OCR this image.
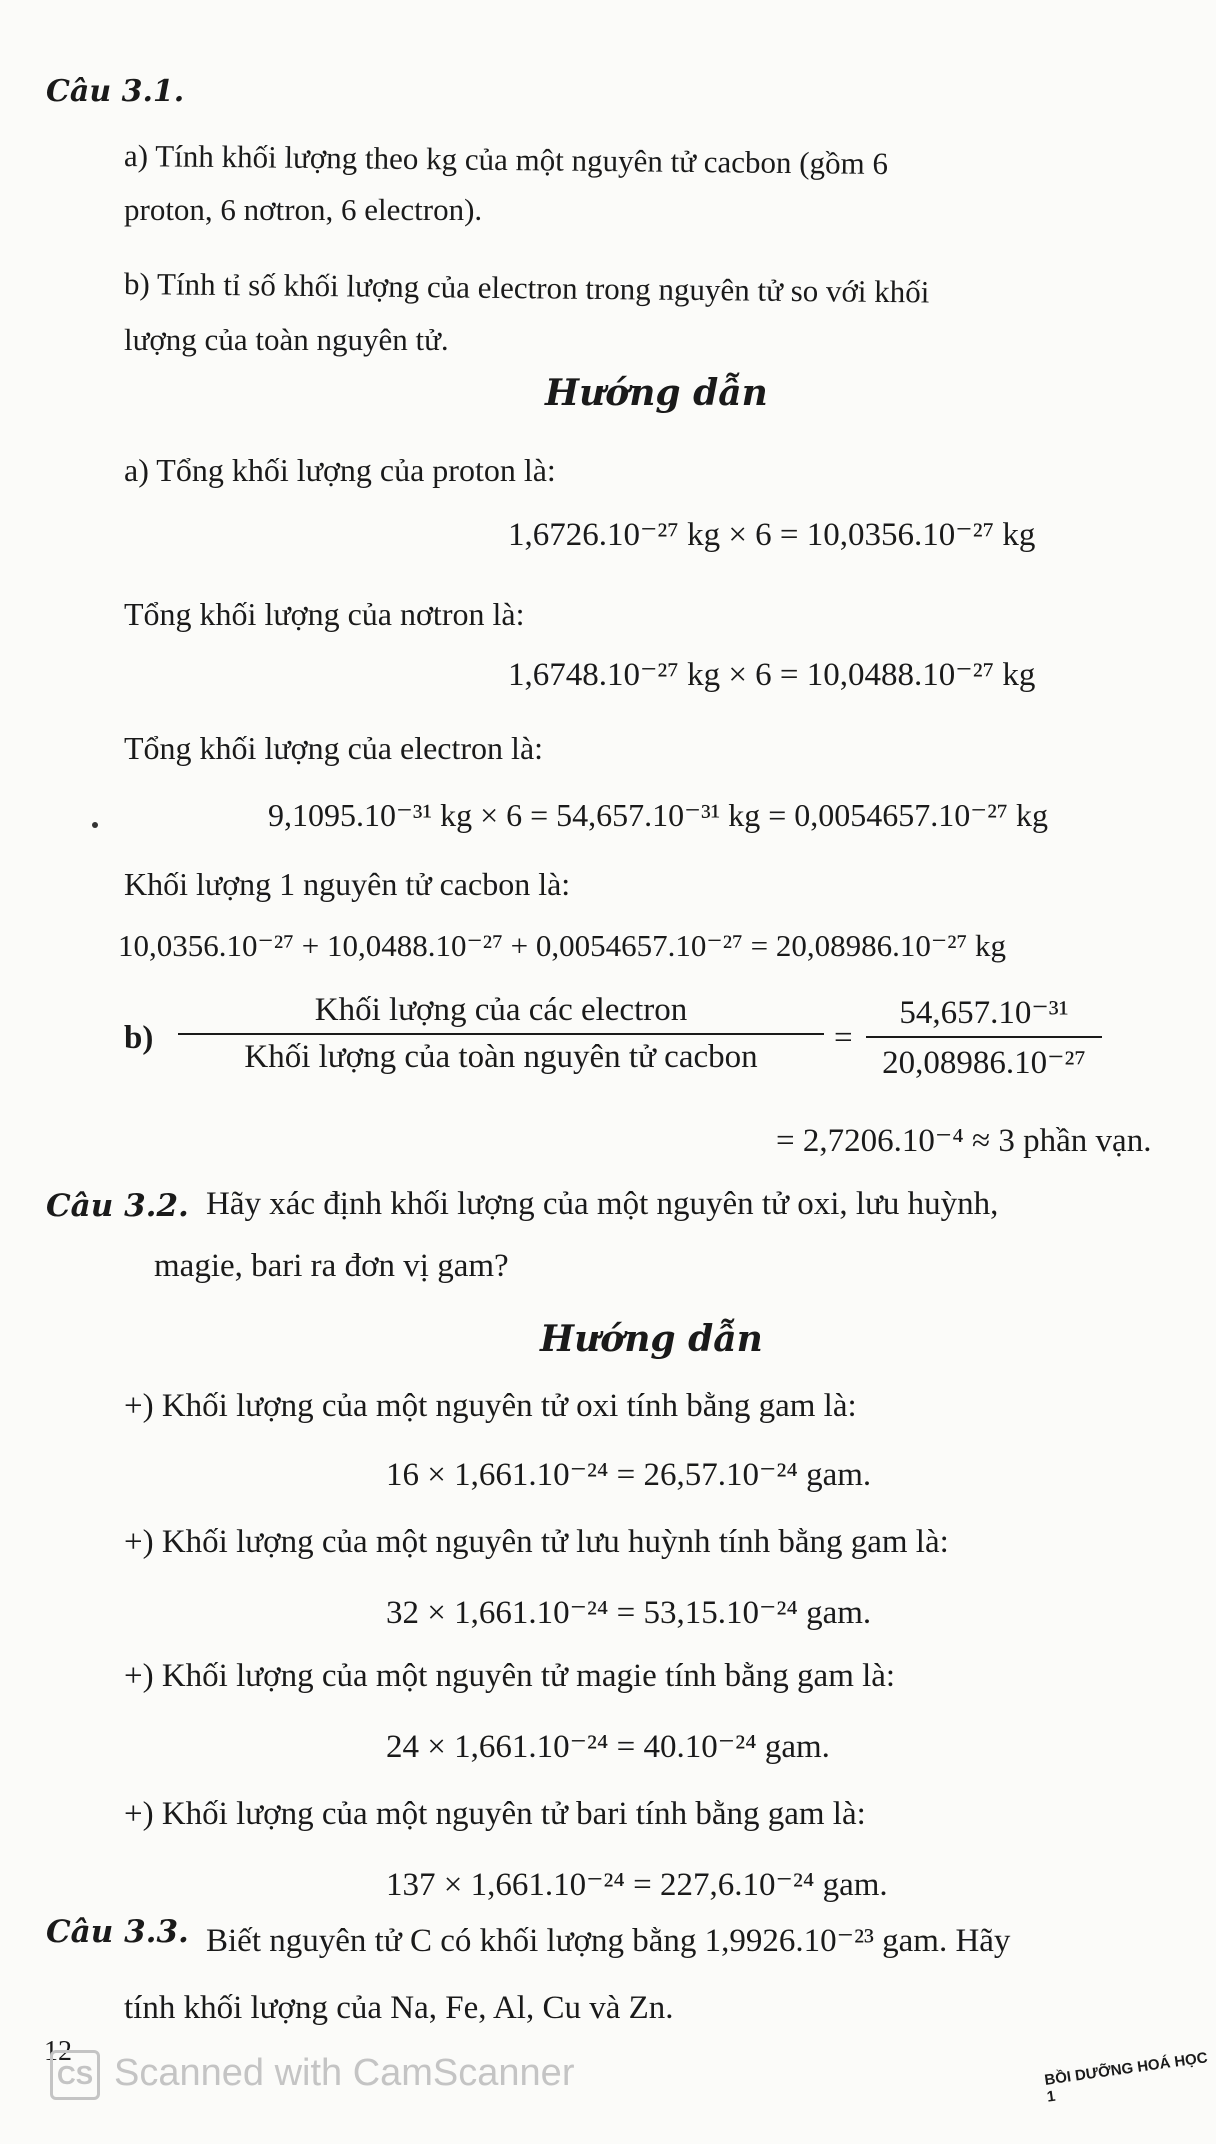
Câu 3.1.
a) Tính khối lượng theo kg của một nguyên tử cacbon (gồm 6
proton, 6 nơtron, 6 electron).
b) Tính tỉ số khối lượng của electron trong nguyên tử so với khối
lượng của toàn nguyên tử.
Hướng dẫn
a) Tổng khối lượng của proton là:
1,6726.10⁻²⁷ kg × 6 = 10,0356.10⁻²⁷ kg
Tổng khối lượng của nơtron là:
1,6748.10⁻²⁷ kg × 6 = 10,0488.10⁻²⁷ kg
Tổng khối lượng của electron là:
9,1095.10⁻³¹ kg × 6 = 54,657.10⁻³¹ kg = 0,0054657.10⁻²⁷ kg
Khối lượng 1 nguyên tử cacbon là:
10,0356.10⁻²⁷ + 10,0488.10⁻²⁷ + 0,0054657.10⁻²⁷ = 20,08986.10⁻²⁷ kg
b)
Khối lượng của các electron
Khối lượng của toàn nguyên tử cacbon
=
54,657.10⁻³¹
20,08986.10⁻²⁷
= 2,7206.10⁻⁴ ≈ 3 phần vạn.
Câu 3.2. Hãy xác định khối lượng của một nguyên tử oxi, lưu huỳnh,
magie, bari ra đơn vị gam?
Hướng dẫn
+) Khối lượng của một nguyên tử oxi tính bằng gam là:
16 × 1,661.10⁻²⁴ = 26,57.10⁻²⁴ gam.
+) Khối lượng của một nguyên tử lưu huỳnh tính bằng gam là:
32 × 1,661.10⁻²⁴ = 53,15.10⁻²⁴ gam.
+) Khối lượng của một nguyên tử magie tính bằng gam là:
24 × 1,661.10⁻²⁴ = 40.10⁻²⁴ gam.
+) Khối lượng của một nguyên tử bari tính bằng gam là:
137 × 1,661.10⁻²⁴ = 227,6.10⁻²⁴ gam.
Câu 3.3. Biết nguyên tử C có khối lượng bằng 1,9926.10⁻²³ gam. Hãy
tính khối lượng của Na, Fe, Al, Cu và Zn.
12
CS Scanned with CamScanner	BỒI DƯỠNG HOÁ HỌC 1
